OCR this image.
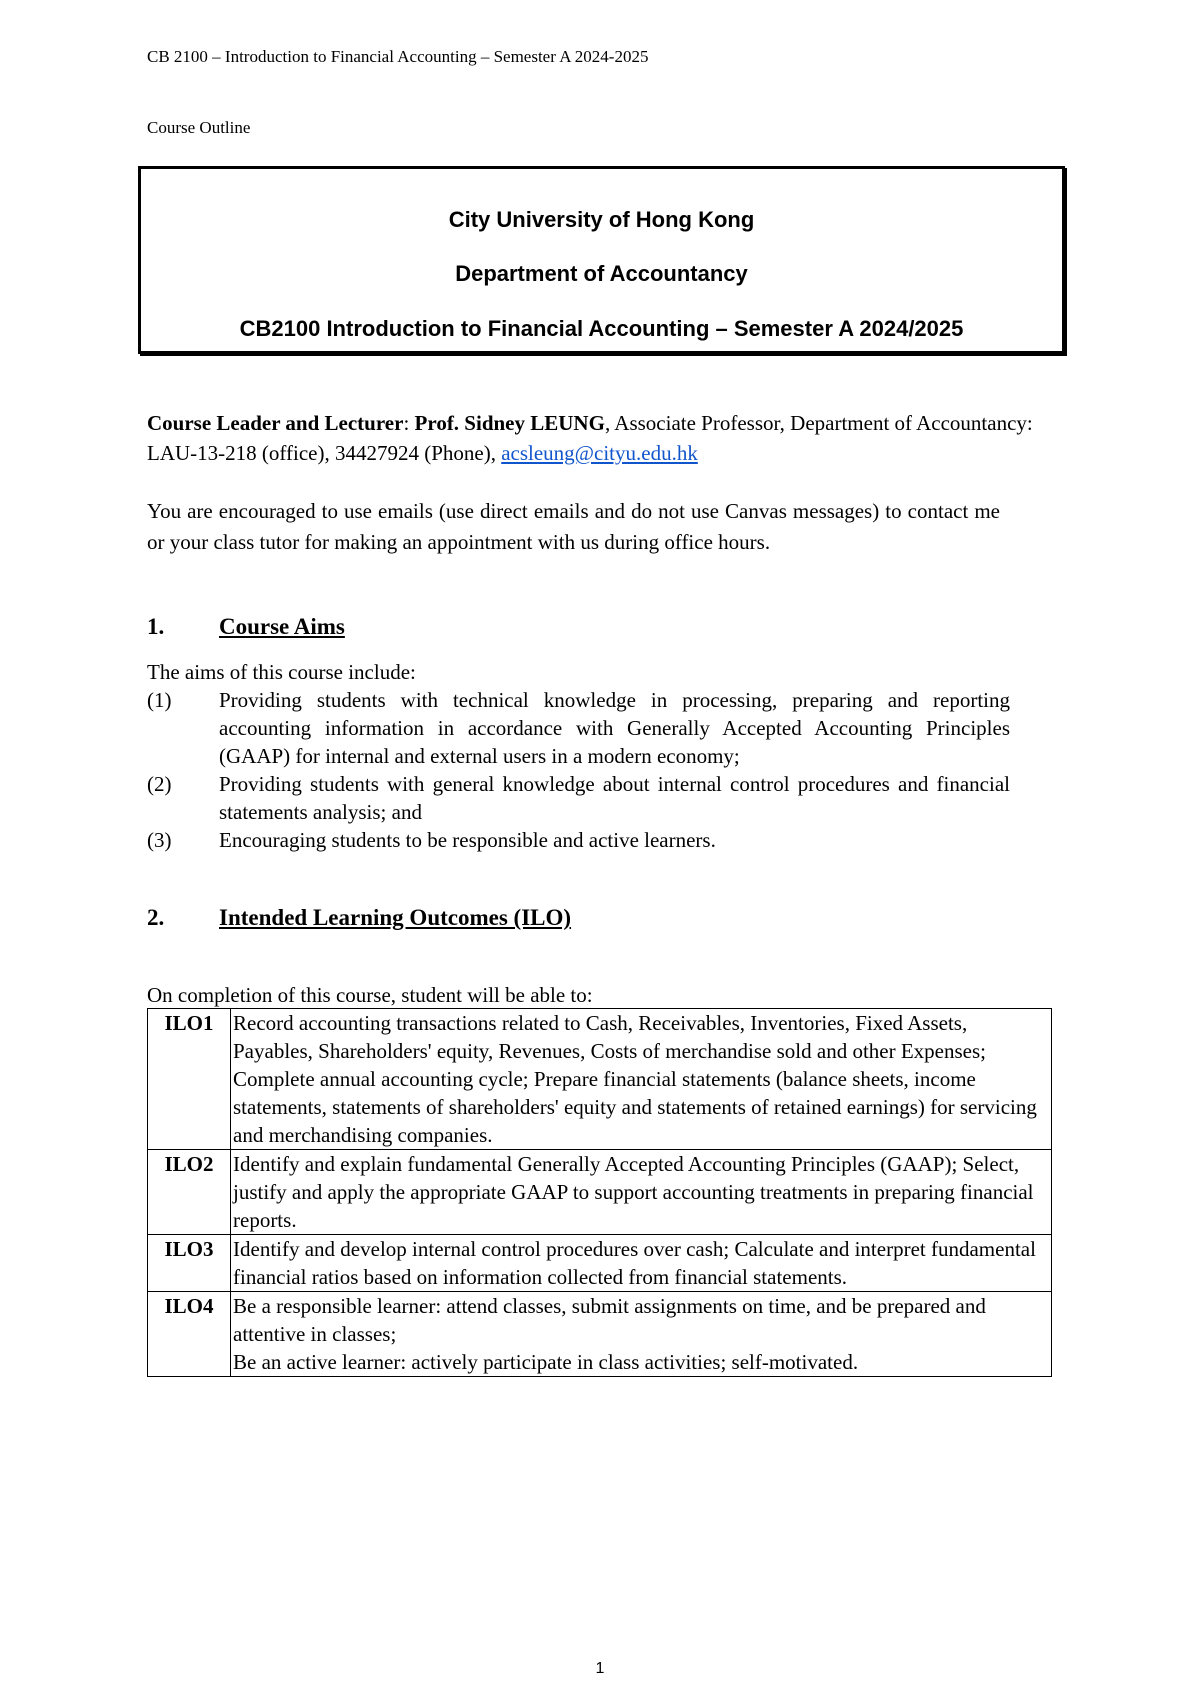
CB 2100 – Introduction to Financial Accounting – Semester A 2024-2025
Course Outline
City University of Hong Kong
Department of Accountancy
CB2100 Introduction to Financial Accounting – Semester A 2024/2025
Course Leader and Lecturer: Prof. Sidney LEUNG, Associate Professor, Department of Accountancy: LAU-13-218 (office), 34427924 (Phone), acsleung@cityu.edu.hk
You are encouraged to use emails (use direct emails and do not use Canvas messages) to contact me or your class tutor for making an appointment with us during office hours.
1. Course Aims
The aims of this course include:
(1)	Providing students with technical knowledge in processing, preparing and reporting accounting information in accordance with Generally Accepted Accounting Principles (GAAP) for internal and external users in a modern economy;
(2)	Providing students with general knowledge about internal control procedures and financial statements analysis; and
(3)	Encouraging students to be responsible and active learners.
2. Intended Learning Outcomes (ILO)
On completion of this course, student will be able to:
ILO1	Record accounting transactions related to Cash, Receivables, Inventories, Fixed Assets, Payables, Shareholders' equity, Revenues, Costs of merchandise sold and other Expenses; Complete annual accounting cycle; Prepare financial statements (balance sheets, income statements, statements of shareholders' equity and statements of retained earnings) for servicing and merchandising companies.
ILO2	Identify and explain fundamental Generally Accepted Accounting Principles (GAAP); Select, justify and apply the appropriate GAAP to support accounting treatments in preparing financial reports.
ILO3	Identify and develop internal control procedures over cash; Calculate and interpret fundamental financial ratios based on information collected from financial statements.
ILO4	Be a responsible learner: attend classes, submit assignments on time, and be prepared and attentive in classes;
Be an active learner: actively participate in class activities; self-motivated.
1
